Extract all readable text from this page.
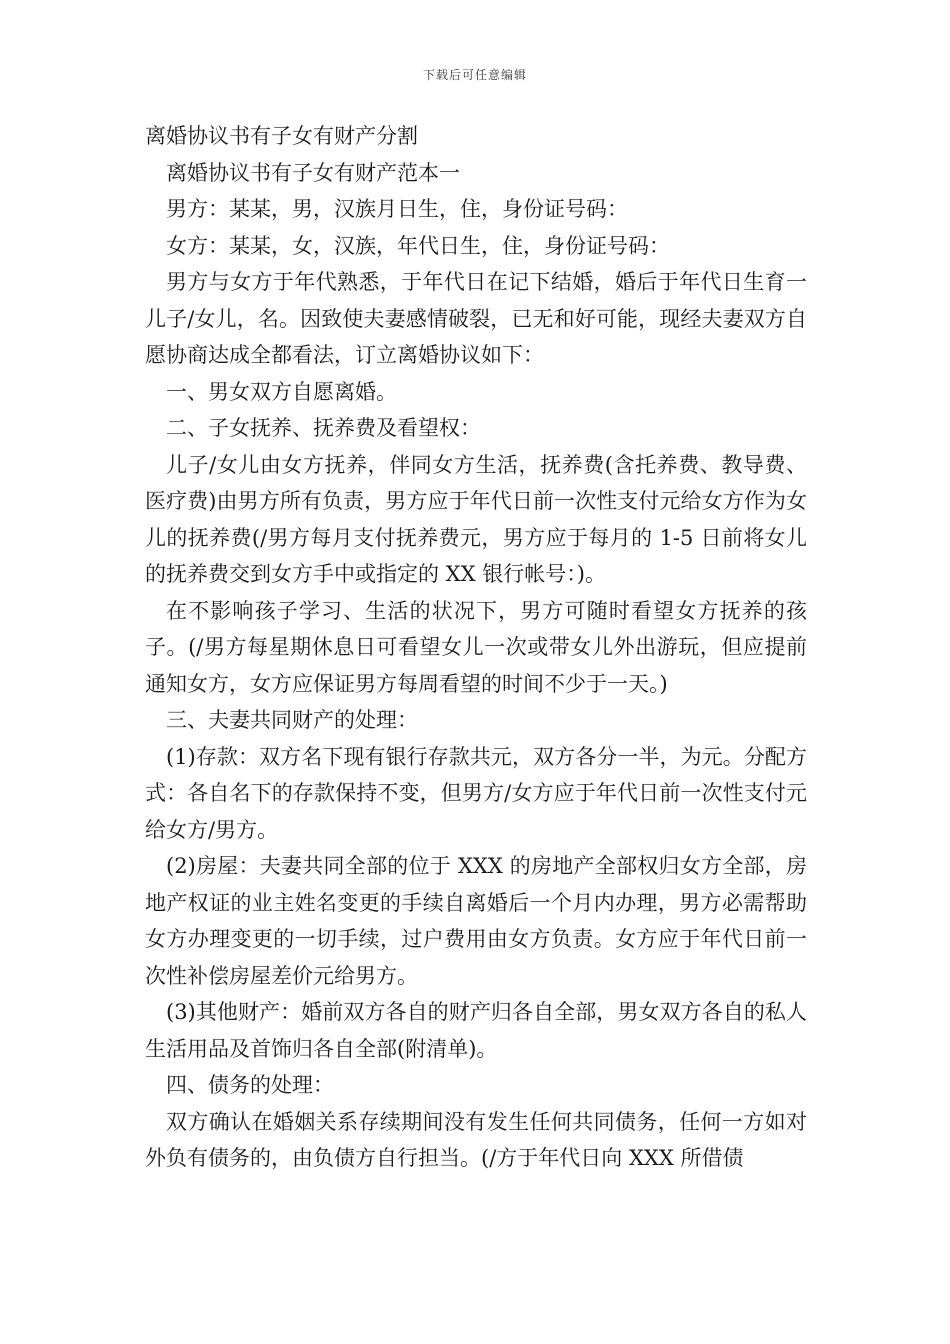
下载后可任意编辑

离婚协议书有子女有财产分割

离婚协议书有子女有财产范本一

男方：某某，男，汉族月日生，住，身份证号码：

女方：某某，女，汉族，年代日生，住，身份证号码：

男方与女方于年代熟悉，于年代日在记下结婚，婚后于年代日生育一儿子/女儿，名。因致使夫妻感情破裂，已无和好可能，现经夫妻双方自愿协商达成全都看法，订立离婚协议如下：

一、男女双方自愿离婚。

二、子女抚养、抚养费及看望权：

儿子/女儿由女方抚养，伴同女方生活，抚养费(含托养费、教导费、医疗费)由男方所有负责，男方应于年代日前一次性支付元给女方作为女儿的抚养费(/男方每月支付抚养费元，男方应于每月的 1-5 日前将女儿的抚养费交到女方手中或指定的 XX 银行帐号：)。

在不影响孩子学习、生活的状况下，男方可随时看望女方抚养的孩子。(/男方每星期休息日可看望女儿一次或带女儿外出游玩，但应提前通知女方，女方应保证男方每周看望的时间不少于一天。)

三、夫妻共同财产的处理：

(1)存款：双方名下现有银行存款共元，双方各分一半，为元。分配方式：各自名下的存款保持不变，但男方/女方应于年代日前一次性支付元给女方/男方。

(2)房屋：夫妻共同全部的位于 XXX 的房地产全部权归女方全部，房地产权证的业主姓名变更的手续自离婚后一个月内办理，男方必需帮助女方办理变更的一切手续，过户费用由女方负责。女方应于年代日前一次性补偿房屋差价元给男方。

(3)其他财产：婚前双方各自的财产归各自全部，男女双方各自的私人生活用品及首饰归各自全部(附清单)。

四、债务的处理：

双方确认在婚姻关系存续期间没有发生任何共同债务，任何一方如对外负有债务的，由负债方自行担当。(/方于年代日向 XXX 所借债
